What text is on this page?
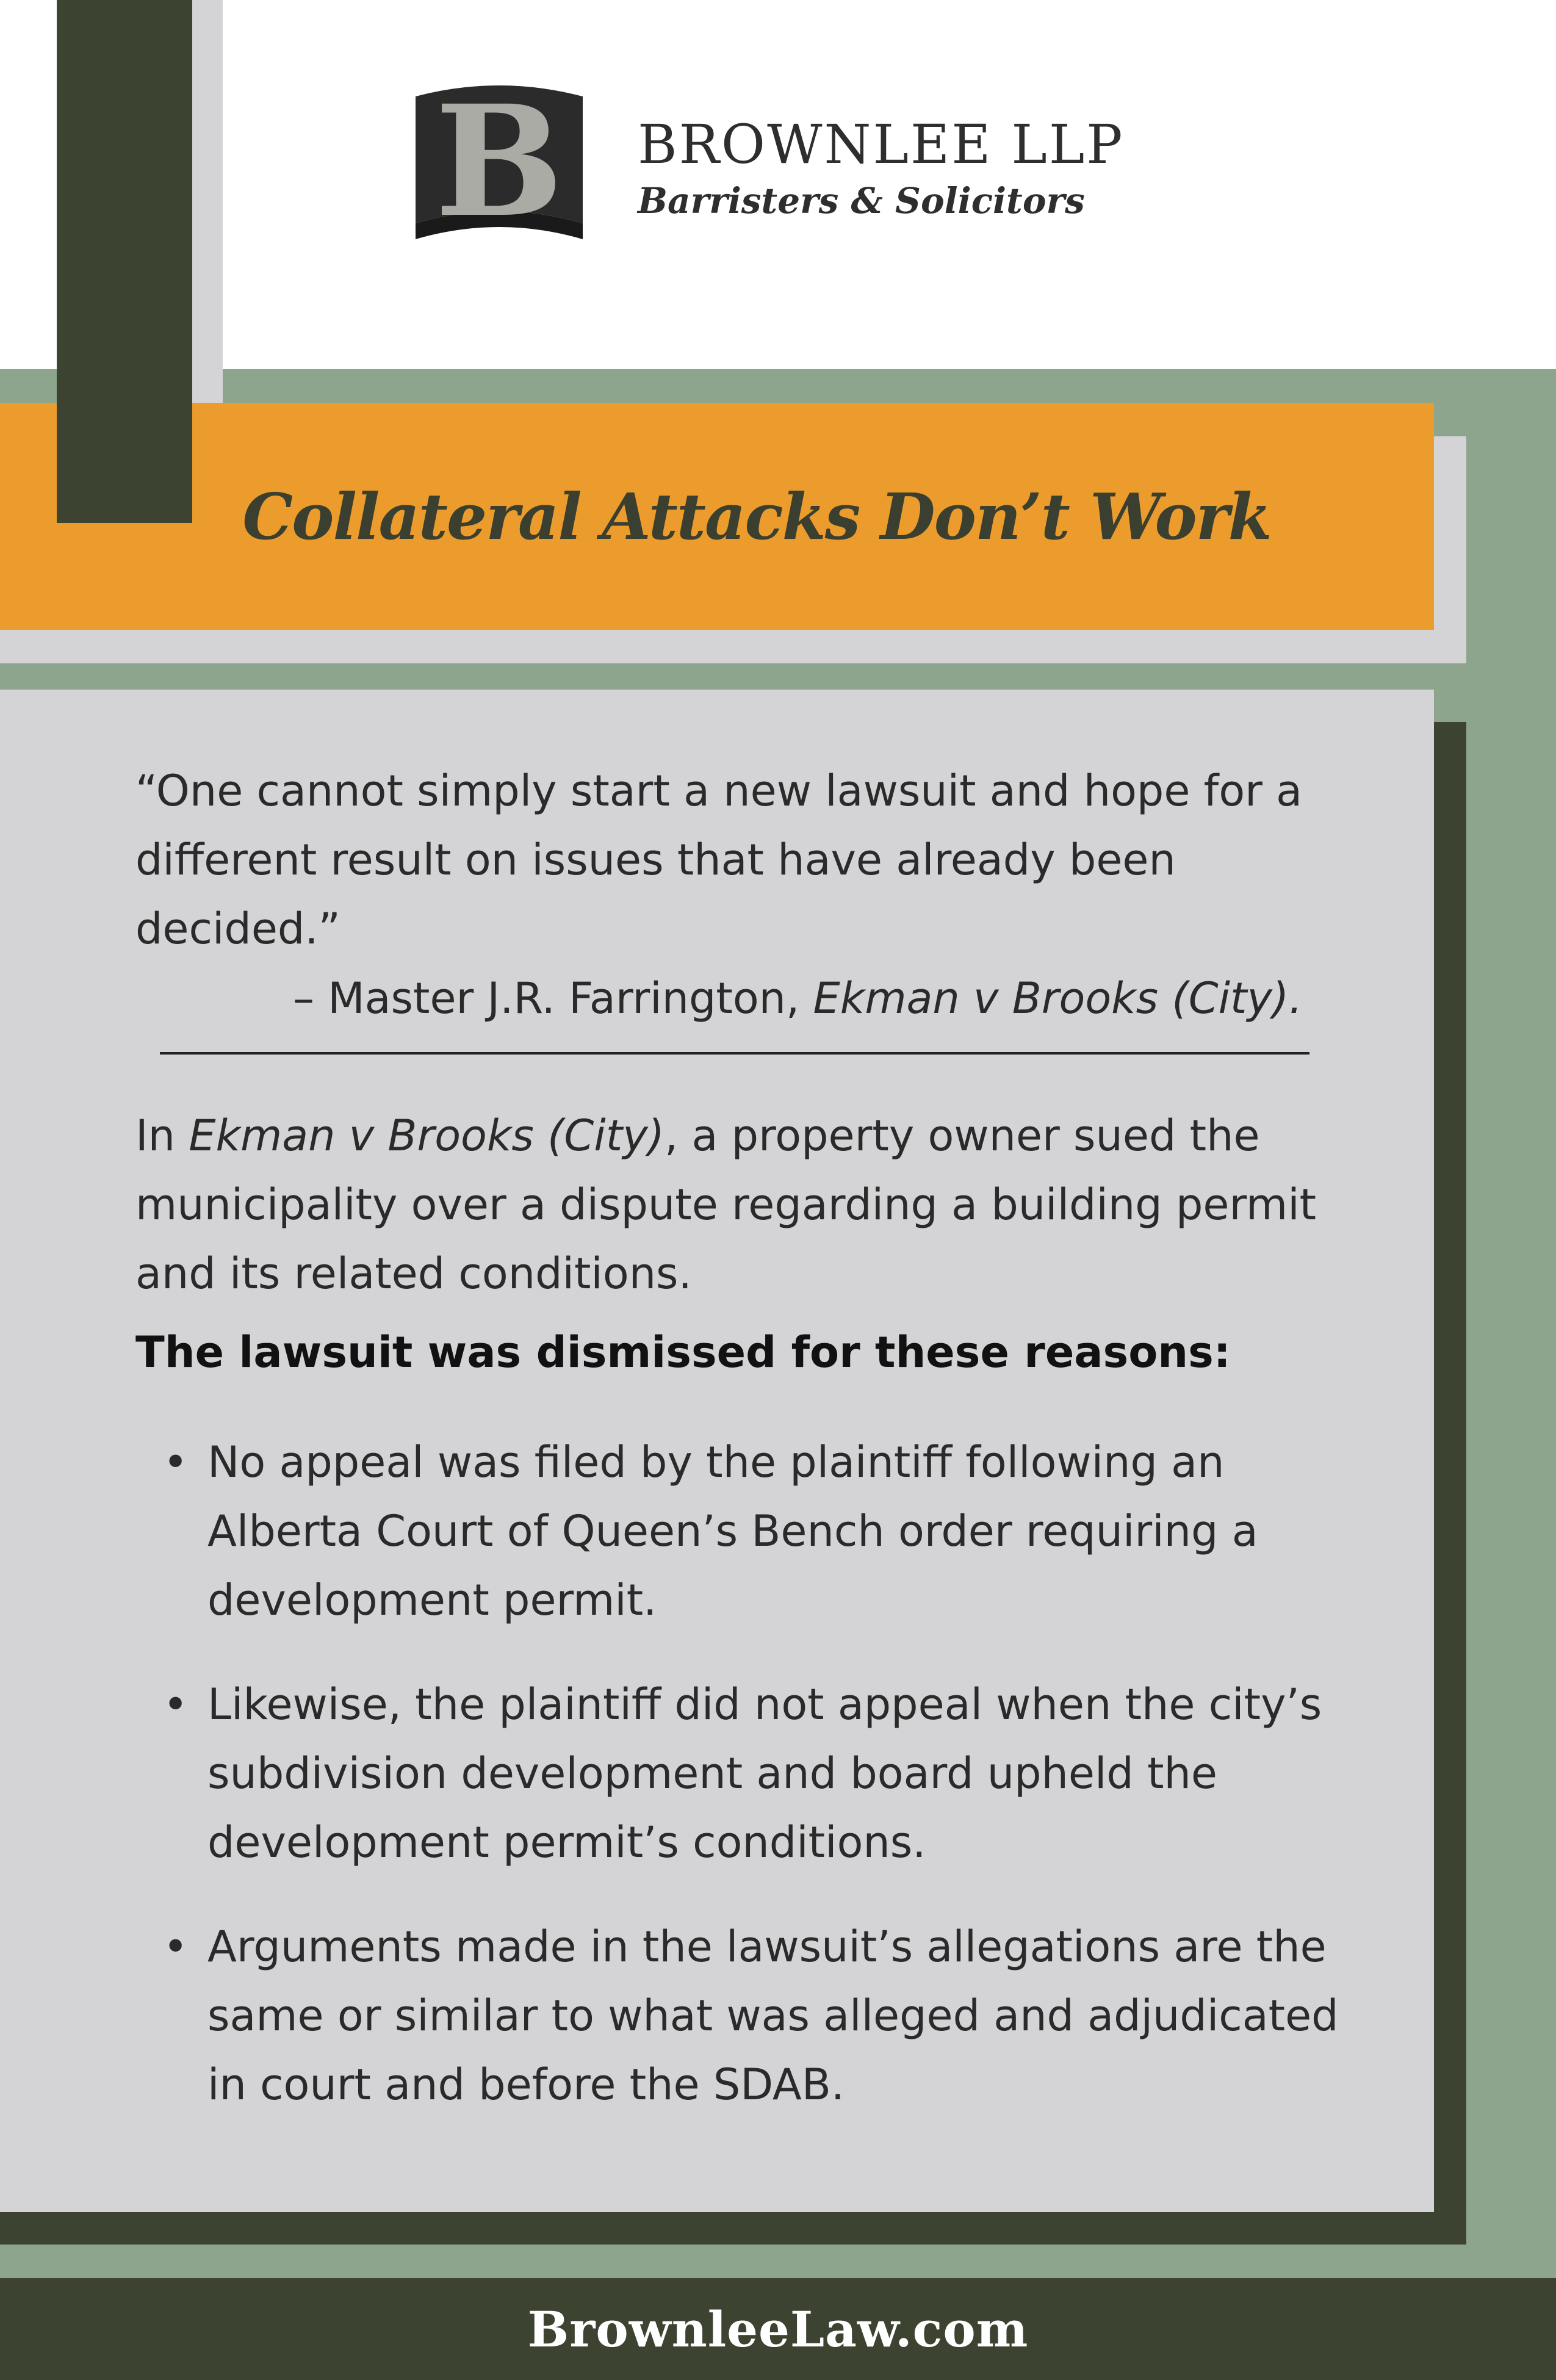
BrownleeLaw.com
Collateral Attacks Don’t Work
B BROWNLEE LLP
Barristers & Solicitors
“One cannot simply start a new lawsuit and hope for a different result on issues that have already been decided.”
– Master J.R. Farrington, Ekman v Brooks (City).
In Ekman v Brooks (City), a property owner sued the municipality over a dispute regarding a building permit and its related conditions.
The lawsuit was dismissed for these reasons:
• No appeal was filed by the plaintiff following an Alberta Court of Queen’s Bench order requiring a development permit.
• Likewise, the plaintiff did not appeal when the city’s subdivision development and board upheld the development permit’s conditions.
• Arguments made in the lawsuit’s allegations are the same or similar to what was alleged and adjudicated in court and before the SDAB.
